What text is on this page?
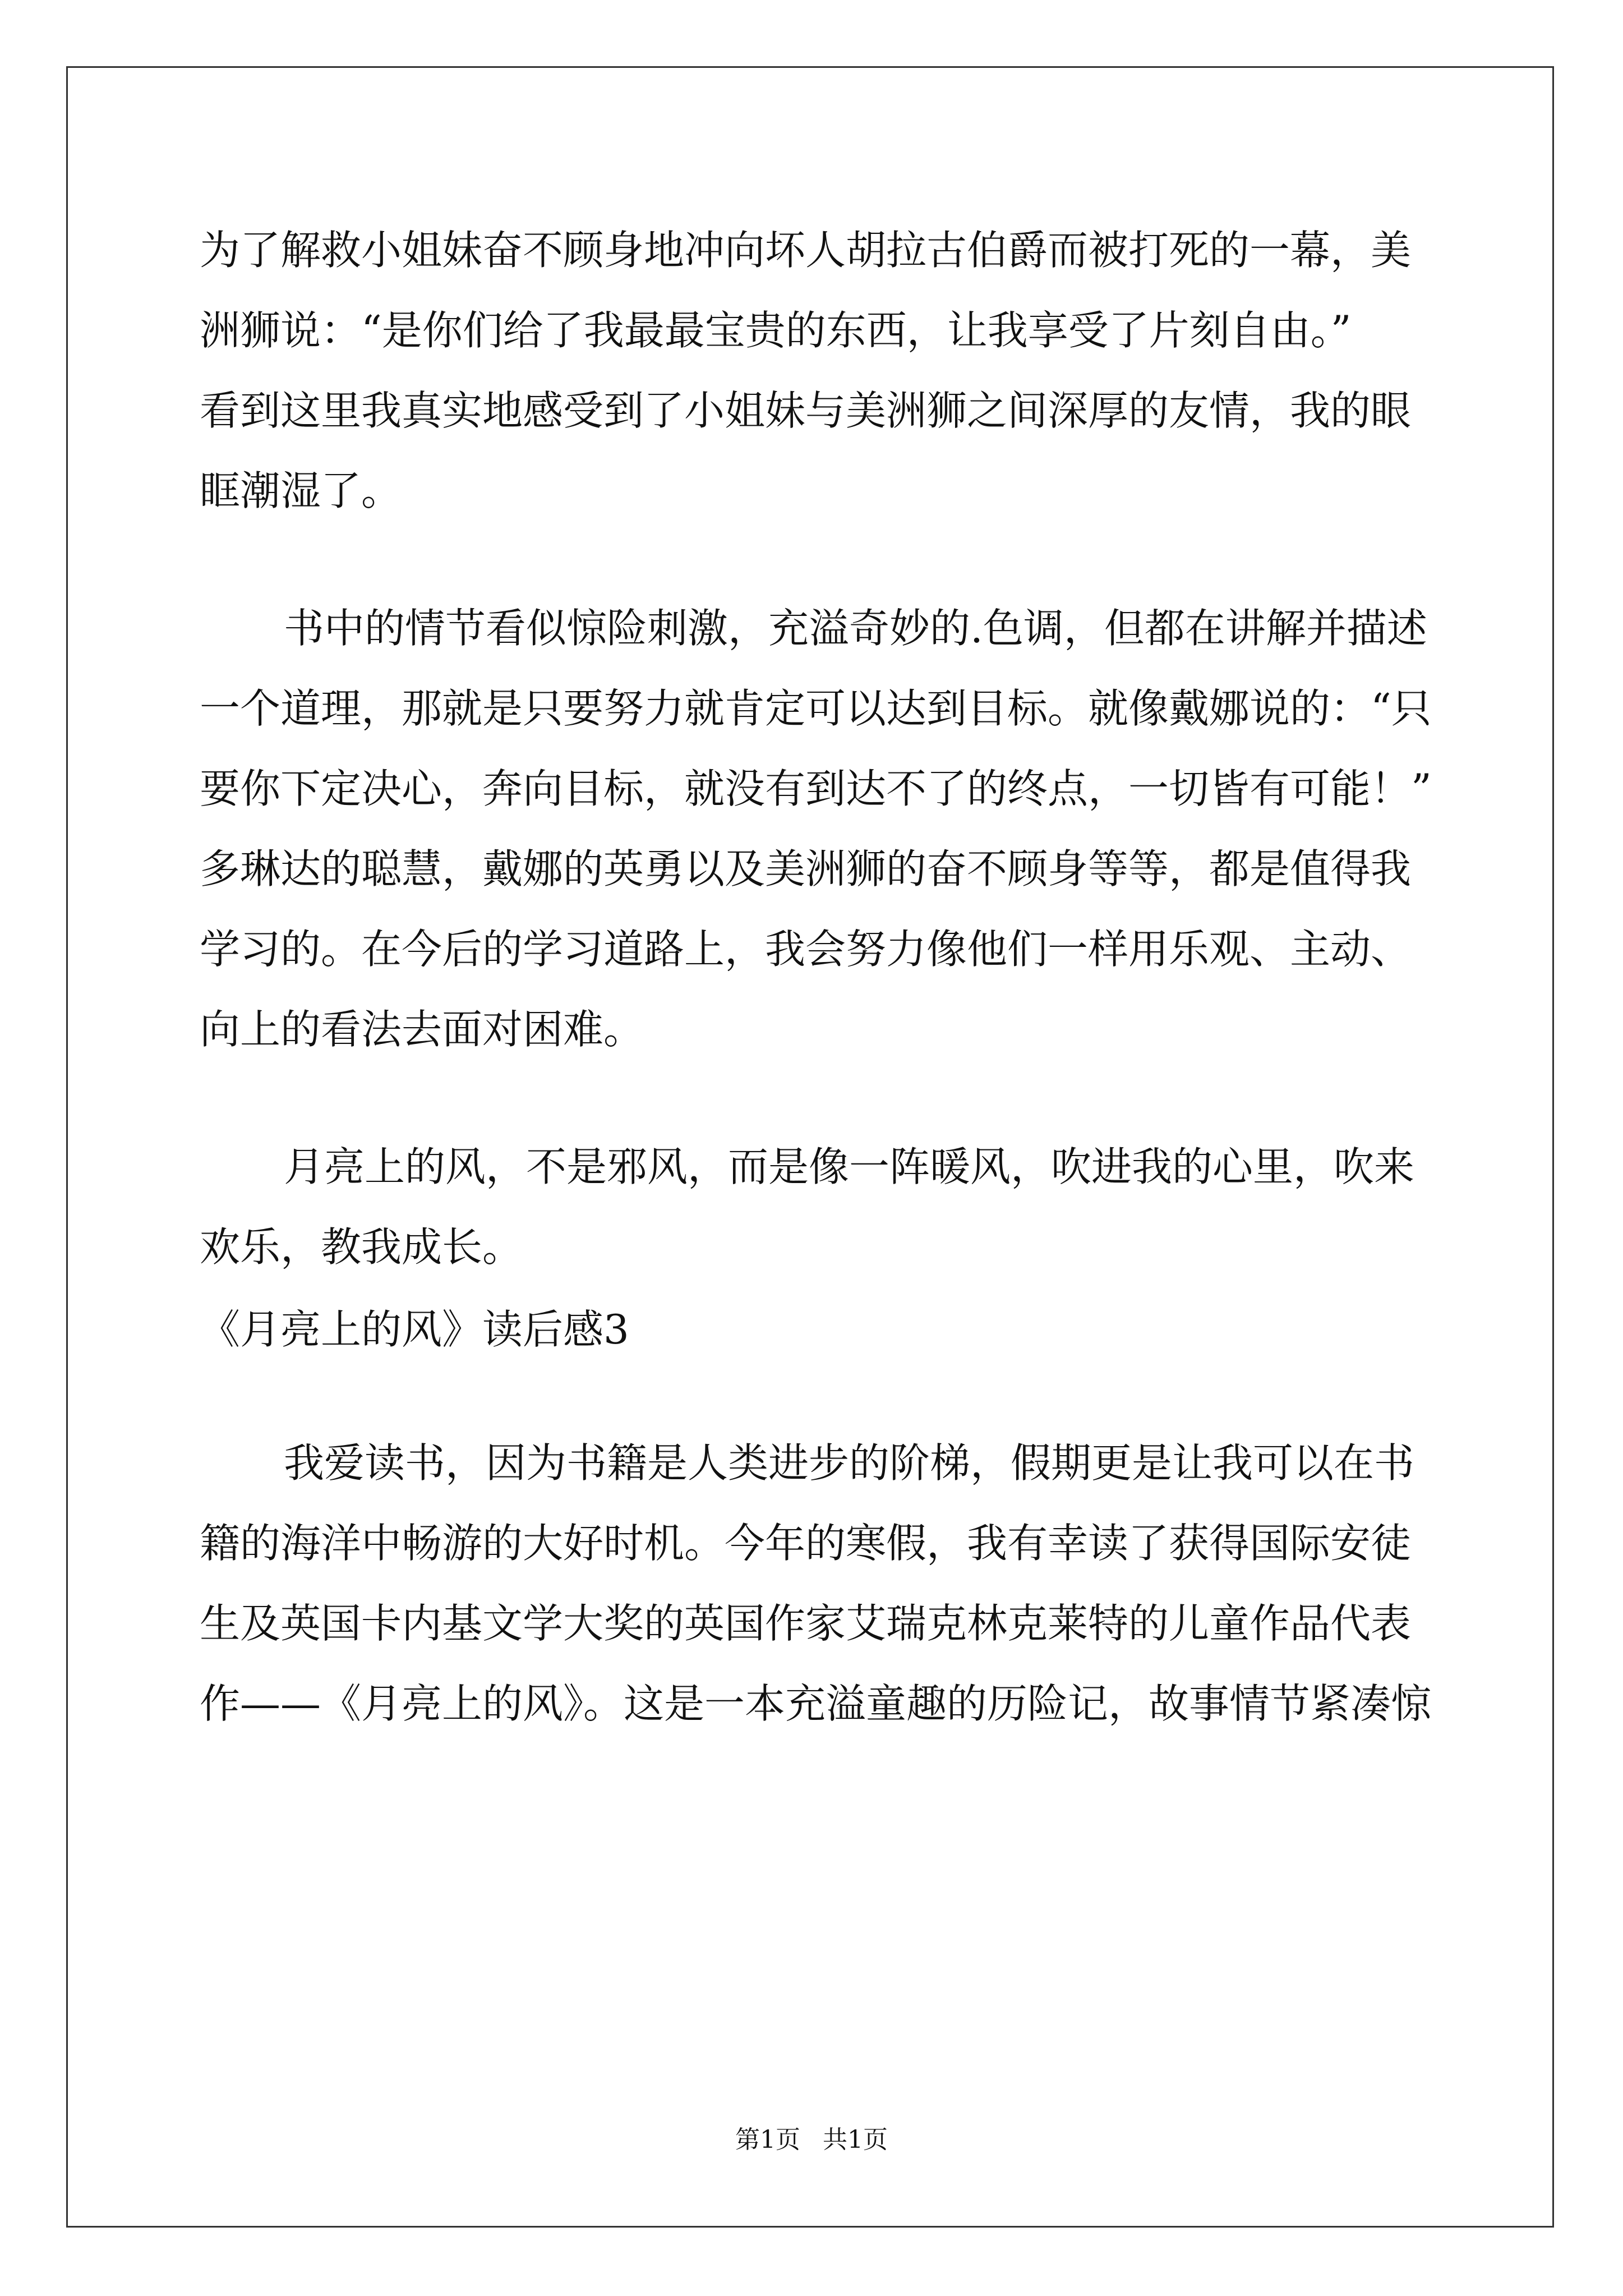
为了解救小姐妹奋不顾身地冲向坏人胡拉古伯爵而被打死的一幕，美
洲狮说：“是你们给了我最最宝贵的东西，让我享受了片刻自由。”
看到这里我真实地感受到了小姐妹与美洲狮之间深厚的友情，我的眼
眶潮湿了。
书中的情节看似惊险刺激，充溢奇妙的.色调，但都在讲解并描述
一个道理，那就是只要努力就肯定可以达到目标。就像戴娜说的：“只
要你下定决心，奔向目标，就没有到达不了的终点，一切皆有可能！”
多琳达的聪慧，戴娜的英勇以及美洲狮的奋不顾身等等，都是值得我
学习的。在今后的学习道路上，我会努力像他们一样用乐观、主动、
向上的看法去面对困难。
月亮上的风，不是邪风，而是像一阵暖风，吹进我的心里，吹来
欢乐，教我成长。
《月亮上的风》读后感3
我爱读书，因为书籍是人类进步的阶梯，假期更是让我可以在书
籍的海洋中畅游的大好时机。今年的寒假，我有幸读了获得国际安徒
生及英国卡内基文学大奖的英国作家艾瑞克林克莱特的儿童作品代表
作——《月亮上的风》。这是一本充溢童趣的历险记，故事情节紧凑惊
第1页 共1页
